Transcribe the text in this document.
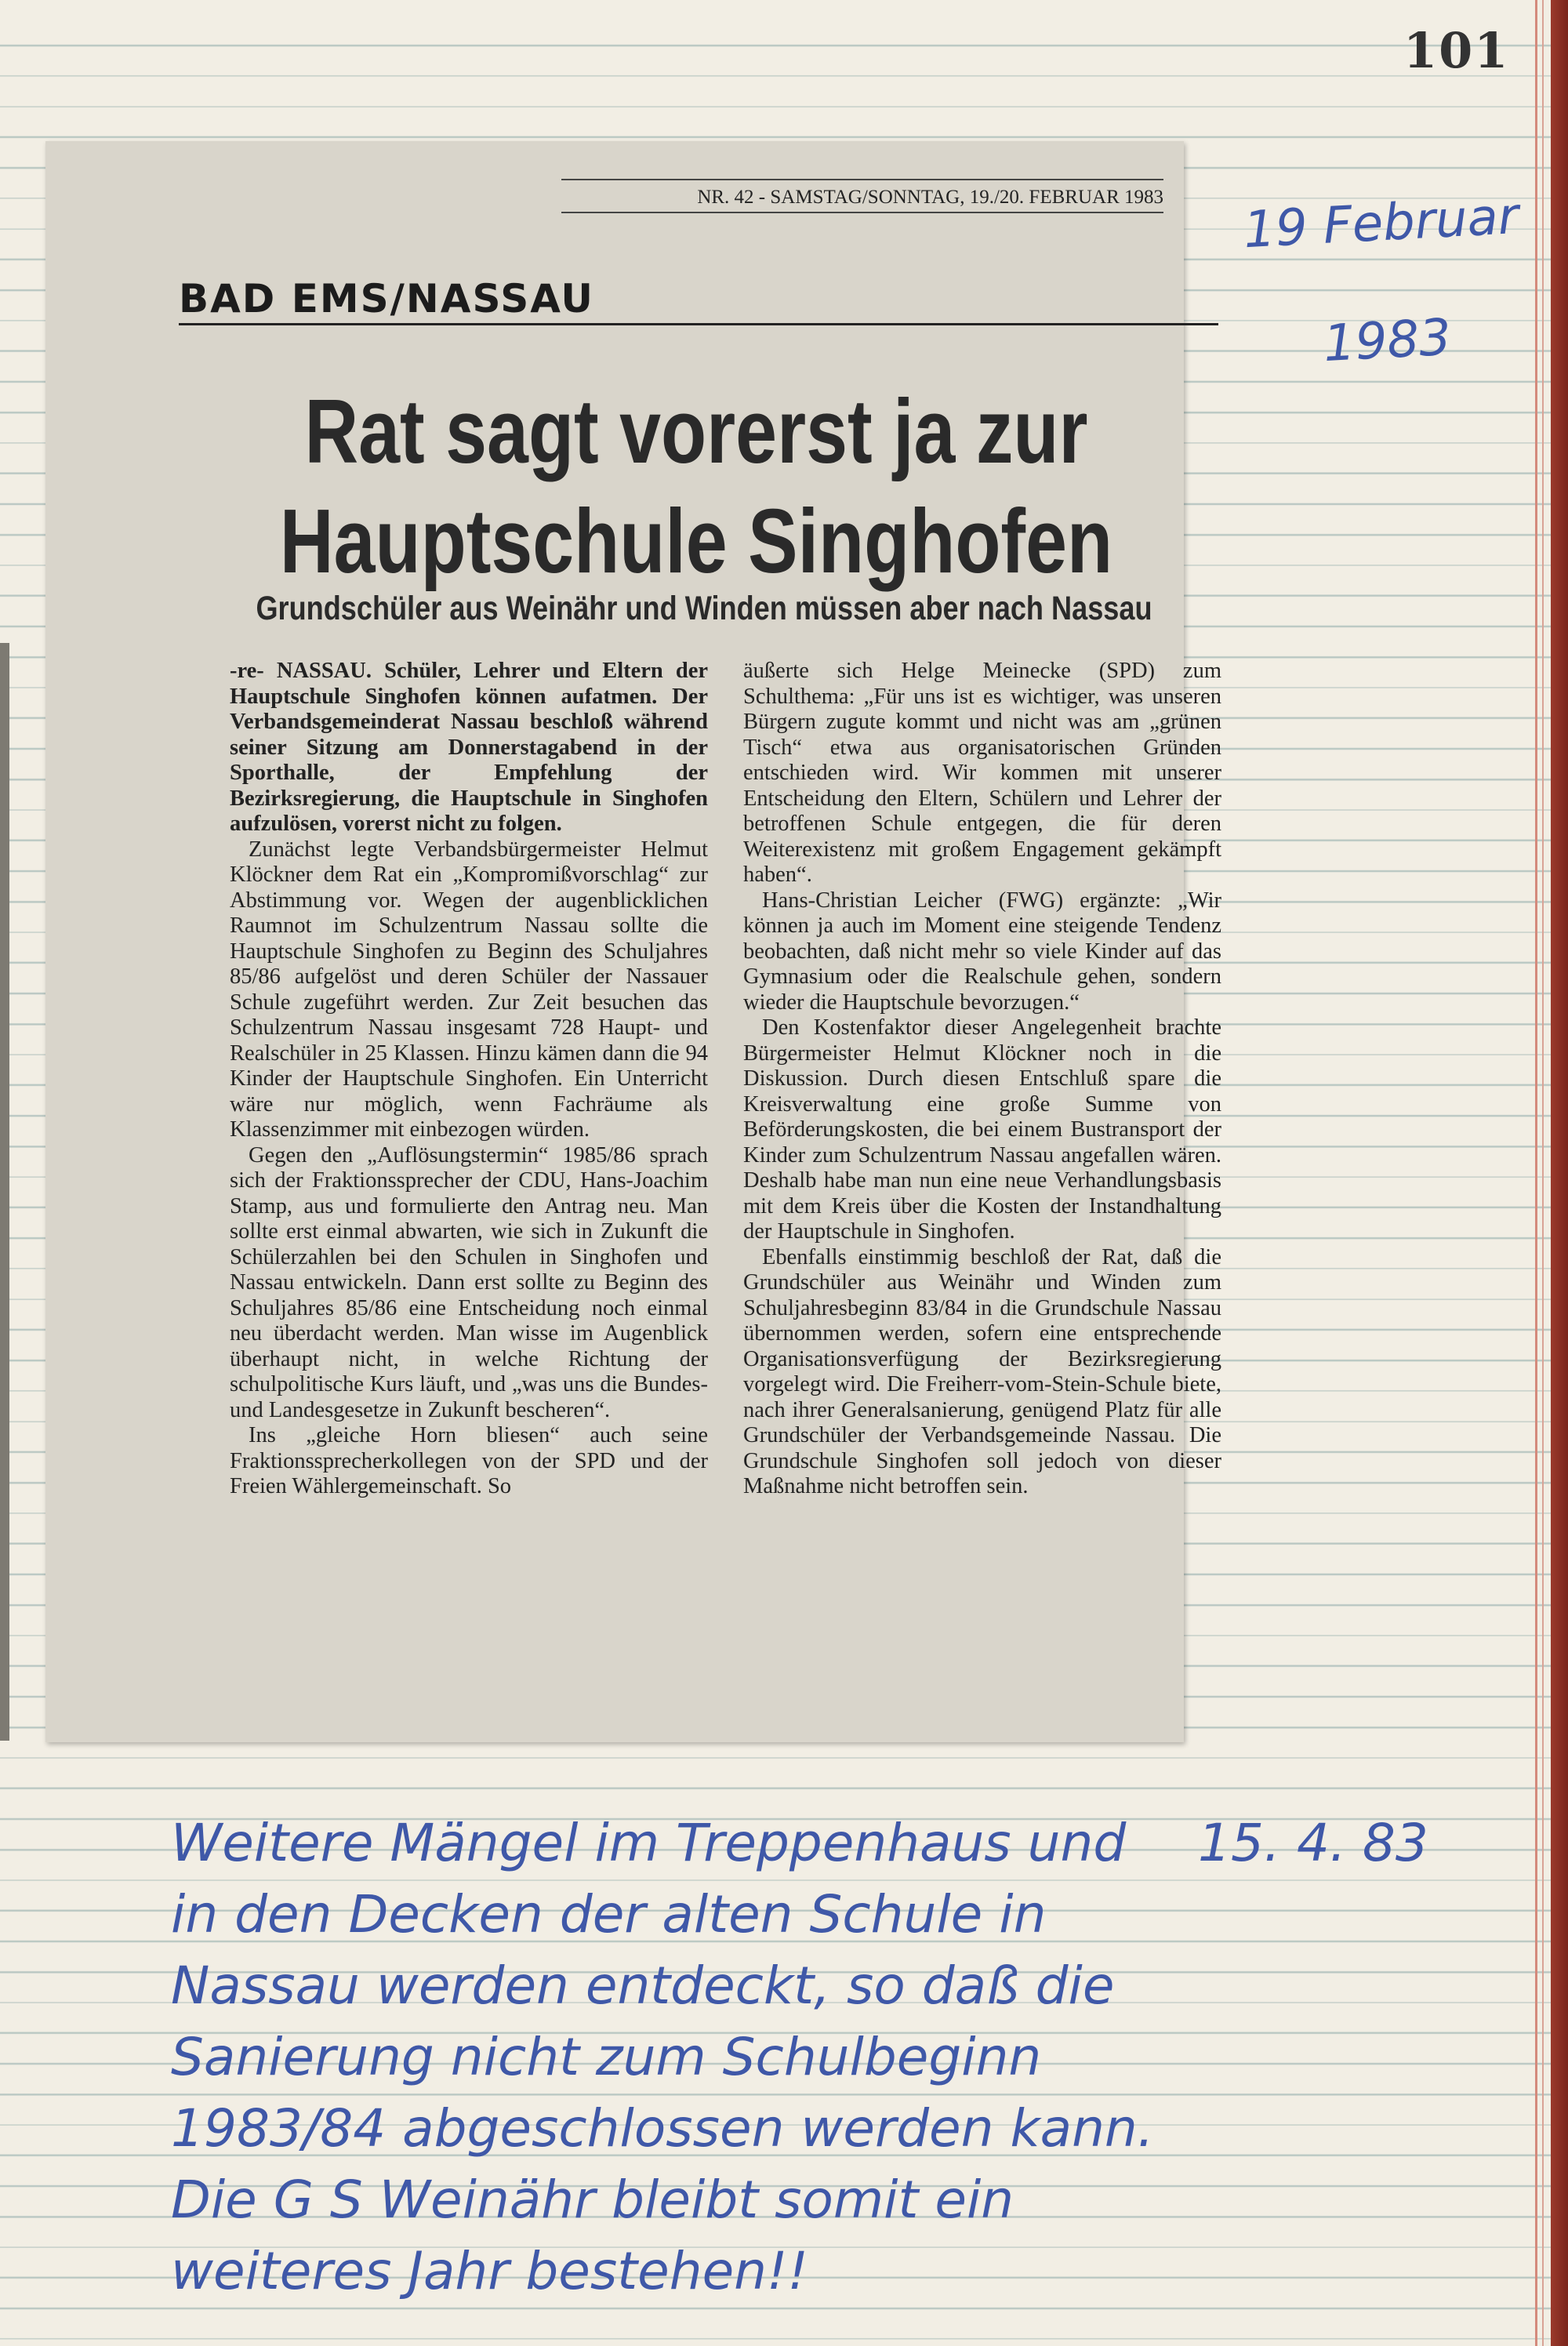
101
19 Februar
1983
NR. 42 - SAMSTAG/SONNTAG, 19./20. FEBRUAR 1983
BAD EMS/NASSAU
Rat sagt vorerst ja zur
Hauptschule Singhofen
Grundschüler aus Weinähr und Winden müssen aber nach Nassau

-re- NASSAU. Schüler, Lehrer und Eltern der Hauptschule Singhofen können aufatmen. Der Verbandsgemeinderat Nassau beschloß während seiner Sitzung am Donnerstagabend in der Sporthalle, der Empfehlung der Bezirksregierung, die Hauptschule in Singhofen aufzulösen, vorerst nicht zu folgen.

Zunächst legte Verbandsbürgermeister Helmut Klöckner dem Rat ein „Kompromißvorschlag“ zur Abstimmung vor. Wegen der augenblicklichen Raumnot im Schulzentrum Nassau sollte die Hauptschule Singhofen zu Beginn des Schuljahres 85/86 aufgelöst und deren Schüler der Nassauer Schule zugeführt werden. Zur Zeit besuchen das Schulzentrum Nassau insgesamt 728 Haupt- und Realschüler in 25 Klassen. Hinzu kämen dann die 94 Kinder der Hauptschule Singhofen. Ein Unterricht wäre nur möglich, wenn Fachräume als Klassenzimmer mit einbezogen würden.

Gegen den „Auflösungstermin“ 1985/86 sprach sich der Fraktionssprecher der CDU, Hans-Joachim Stamp, aus und formulierte den Antrag neu. Man sollte erst einmal abwarten, wie sich in Zukunft die Schülerzahlen bei den Schulen in Singhofen und Nassau entwickeln. Dann erst sollte zu Beginn des Schuljahres 85/86 eine Entscheidung noch einmal neu überdacht werden. Man wisse im Augenblick überhaupt nicht, in welche Richtung der schulpolitische Kurs läuft, und „was uns die Bundes- und Landesgesetze in Zukunft bescheren“.

Ins „gleiche Horn bliesen“ auch seine Fraktionssprecherkollegen von der SPD und der Freien Wählergemeinschaft. So

äußerte sich Helge Meinecke (SPD) zum Schulthema: „Für uns ist es wichtiger, was unseren Bürgern zugute kommt und nicht was am „grünen Tisch“ etwa aus organisatorischen Gründen entschieden wird. Wir kommen mit unserer Entscheidung den Eltern, Schülern und Lehrer der betroffenen Schule entgegen, die für deren Weiterexistenz mit großem Engagement gekämpft haben“.

Hans-Christian Leicher (FWG) ergänzte: „Wir können ja auch im Moment eine steigende Tendenz beobachten, daß nicht mehr so viele Kinder auf das Gymnasium oder die Realschule gehen, sondern wieder die Hauptschule bevorzugen.“

Den Kostenfaktor dieser Angelegenheit brachte Bürgermeister Helmut Klöckner noch in die Diskussion. Durch diesen Entschluß spare die Kreisverwaltung eine große Summe von Beförderungskosten, die bei einem Bustransport der Kinder zum Schulzentrum Nassau angefallen wären. Deshalb habe man nun eine neue Verhandlungsbasis mit dem Kreis über die Kosten der Instandhaltung der Hauptschule in Singhofen.

Ebenfalls einstimmig beschloß der Rat, daß die Grundschüler aus Weinähr und Winden zum Schuljahresbeginn 83/84 in die Grundschule Nassau übernommen werden, sofern eine entsprechende Organisationsverfügung der Bezirksregierung vorgelegt wird. Die Freiherr-vom-Stein-Schule biete, nach ihrer Generalsanierung, genügend Platz für alle Grundschüler der Verbandsgemeinde Nassau. Die Grundschule Singhofen soll jedoch von dieser Maßnahme nicht betroffen sein.

Weitere Mängel im Treppenhaus und
in den Decken der alten Schule in
Nassau werden entdeckt, so daß die
Sanierung nicht zum Schulbeginn
1983/84 abgeschlossen werden kann.
Die G S Weinähr bleibt somit ein
weiteres Jahr bestehen!!
15. 4. 83
